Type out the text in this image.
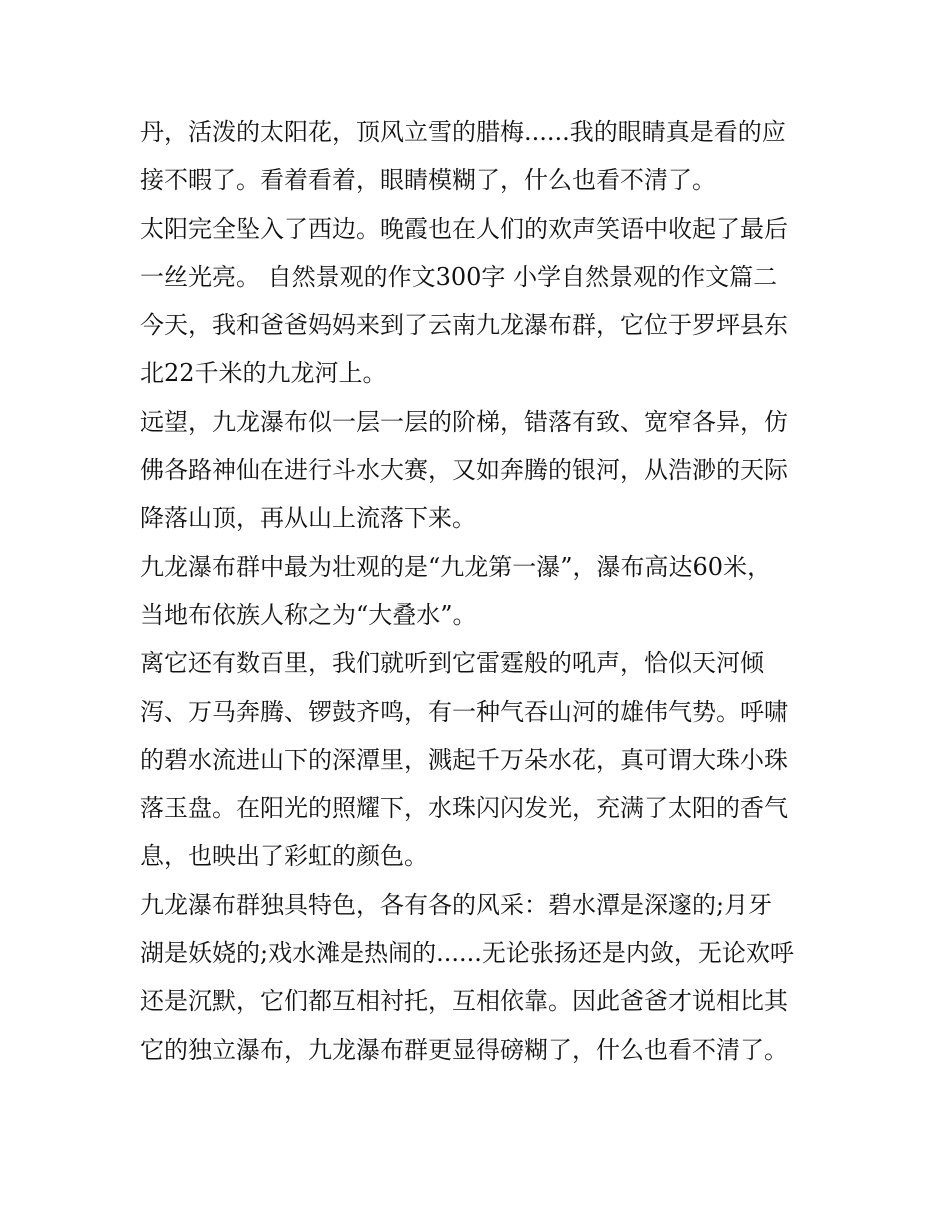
丹，活泼的太阳花，顶风立雪的腊梅......我的眼睛真是看的应
接不暇了。看着看着，眼睛模糊了，什么也看不清了。
太阳完全坠入了西边。晚霞也在人们的欢声笑语中收起了最后
一丝光亮。 自然景观的作文300字 小学自然景观的作文篇二
今天，我和爸爸妈妈来到了云南九龙瀑布群，它位于罗坪县东
北22千米的九龙河上。
远望，九龙瀑布似一层一层的阶梯，错落有致、宽窄各异，仿
佛各路神仙在进行斗水大赛，又如奔腾的银河，从浩渺的天际
降落山顶，再从山上流落下来。
九龙瀑布群中最为壮观的是“九龙第一瀑”，瀑布高达60米，
当地布依族人称之为“大叠水”。
离它还有数百里，我们就听到它雷霆般的吼声，恰似天河倾
泻、万马奔腾、锣鼓齐鸣，有一种气吞山河的雄伟气势。呼啸
的碧水流进山下的深潭里，溅起千万朵水花，真可谓大珠小珠
落玉盘。在阳光的照耀下，水珠闪闪发光，充满了太阳的香气
息，也映出了彩虹的颜色。
九龙瀑布群独具特色，各有各的风采：碧水潭是深邃的;月牙
湖是妖娆的;戏水滩是热闹的......无论张扬还是内敛，无论欢呼
还是沉默，它们都互相衬托，互相依靠。因此爸爸才说相比其
它的独立瀑布，九龙瀑布群更显得磅糊了，什么也看不清了。
